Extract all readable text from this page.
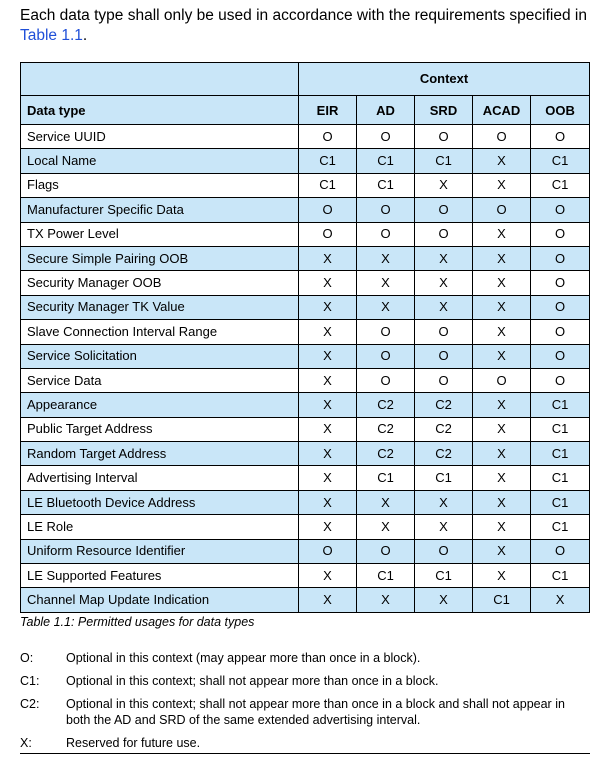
Each data type shall only be used in accordance with the requirements specified in Table 1.1.
	Context				
Data type	EIR	AD	SRD	ACAD	OOB
Service UUID	O	O	O	O	O
Local Name	C1	C1	C1	X	C1
Flags	C1	C1	X	X	C1
Manufacturer Specific Data	O	O	O	O	O
TX Power Level	O	O	O	X	O
Secure Simple Pairing OOB	X	X	X	X	O
Security Manager OOB	X	X	X	X	O
Security Manager TK Value	X	X	X	X	O
Slave Connection Interval Range	X	O	O	X	O
Service Solicitation	X	O	O	X	O
Service Data	X	O	O	O	O
Appearance	X	C2	C2	X	C1
Public Target Address	X	C2	C2	X	C1
Random Target Address	X	C2	C2	X	C1
Advertising Interval	X	C1	C1	X	C1
LE Bluetooth Device Address	X	X	X	X	C1
LE Role	X	X	X	X	C1
Uniform Resource Identifier	O	O	O	X	O
LE Supported Features	X	C1	C1	X	C1
Channel Map Update Indication	X	X	X	C1	X
Table 1.1: Permitted usages for data types
O:	Optional in this context (may appear more than once in a block).
C1:	Optional in this context; shall not appear more than once in a block.
C2:	Optional in this context; shall not appear more than once in a block and shall not appear in both the AD and SRD of the same extended advertising interval.
X:	Reserved for future use.
